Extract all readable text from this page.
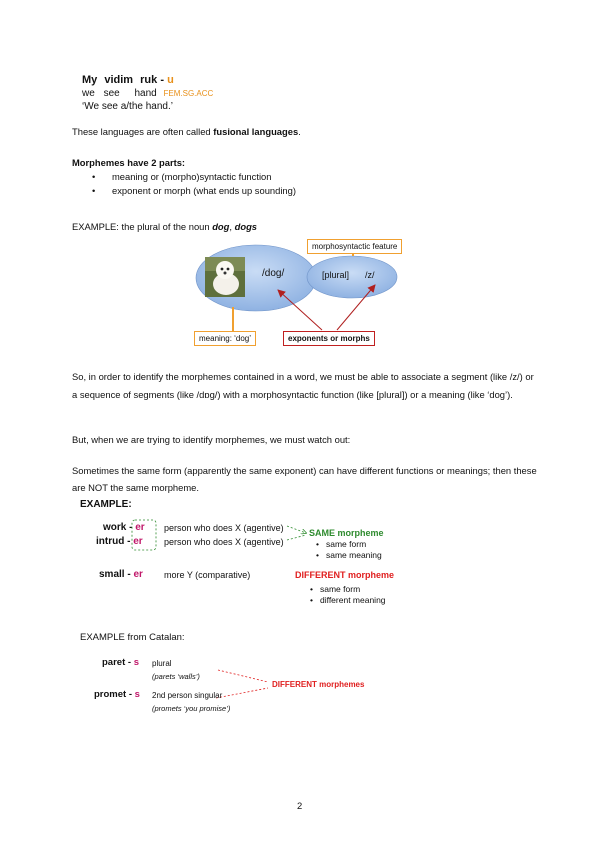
My vidim ruk - u
we see hand FEM.SG.ACC
‘We see a/the hand.’
These languages are often called fusional languages.
Morphemes have 2 parts:
• meaning or (morpho)syntactic function
• exponent or morph (what ends up sounding)
EXAMPLE: the plural of the noun dog, dogs
/dog/	[plural] /z/
morphosyntactic feature
meaning: ‘dog’	exponents or morphs
So, in order to identify the morphemes contained in a word, we must be able to associate a segment (like /z/) or a sequence of segments (like /dɒg/) with a morphosyntactic function (like [plural]) or a meaning (like ‘dog’).
But, when we are trying to identify morphemes, we must watch out:
Sometimes the same form (apparently the same exponent) can have different functions or meanings; then these are NOT the same morpheme.
EXAMPLE:
work - er person who does X (agentive)
intrud - er person who does X (agentive)
small - er more Y (comparative)
SAME morpheme
• same form
• same meaning
DIFFERENT morpheme
• same form
• different meaning
EXAMPLE from Catalan:
paret - s plural
(parets ‘walls’)
promet - s 2nd person singular
(promets ‘you promise’)
DIFFERENT morphemes
2
